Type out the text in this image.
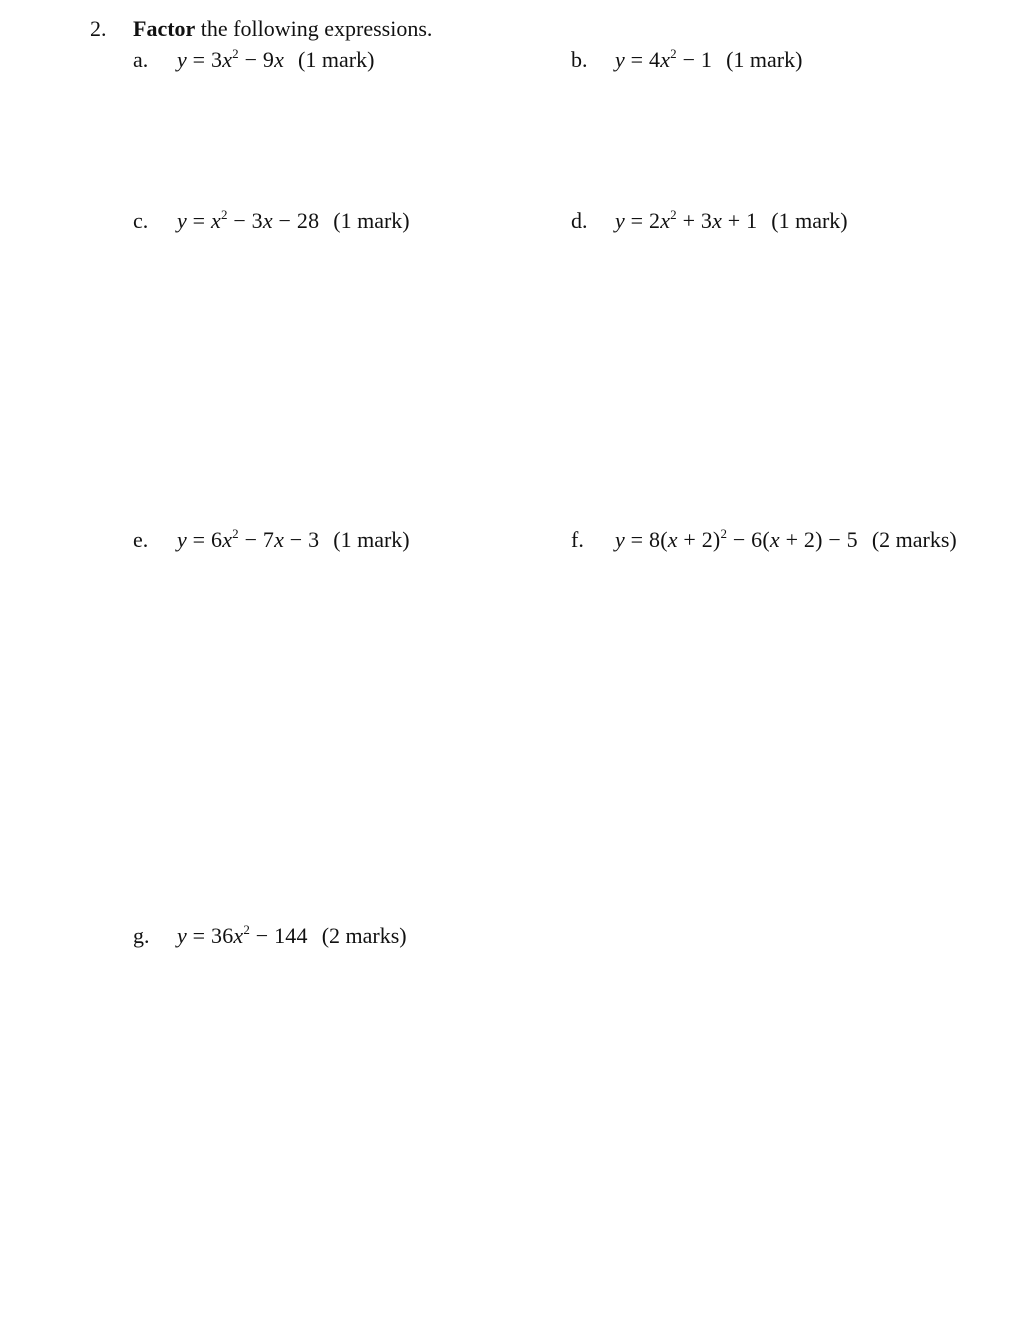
2. Factor the following expressions.
a. $y = 3x^2 - 9x$ (1 mark)	b. $y = 4x^2 - 1$ (1 mark)
c. $y = x^2 - 3x - 28$ (1 mark)	d. $y = 2x^2 + 3x + 1$ (1 mark)
e. $y = 6x^2 - 7x - 3$ (1 mark)	f. $y = 8(x + 2)^2 - 6(x + 2) - 5$ (2 marks)
g. $y = 36x^2 - 144$ (2 marks)
